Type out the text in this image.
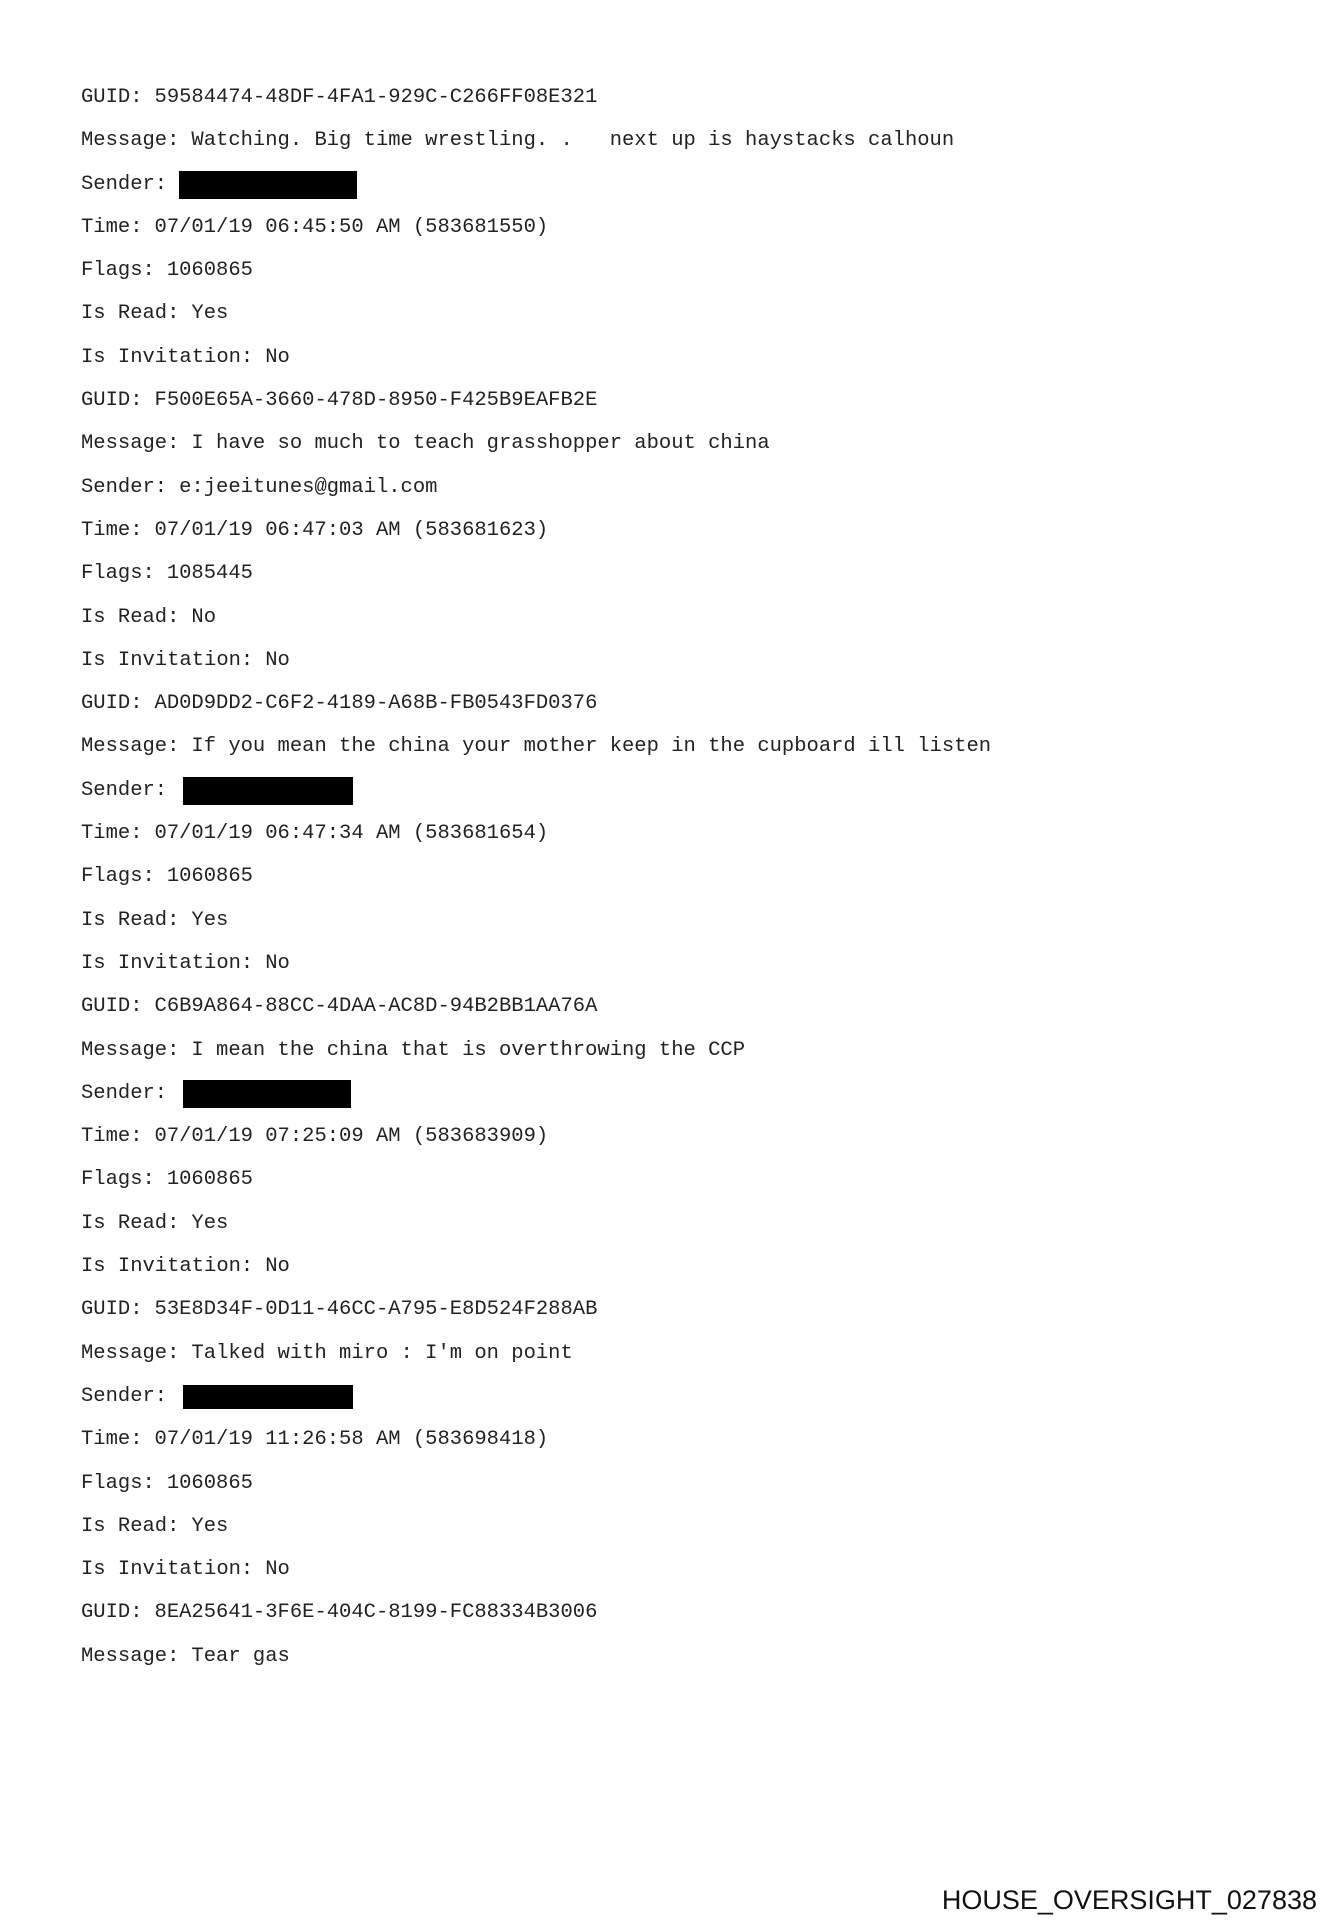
GUID: 59584474-48DF-4FA1-929C-C266FF08E321
Message: Watching. Big time wrestling. .   next up is haystacks calhoun
Sender:
Time: 07/01/19 06:45:50 AM (583681550)
Flags: 1060865
Is Read: Yes
Is Invitation: No
GUID: F500E65A-3660-478D-8950-F425B9EAFB2E
Message: I have so much to teach grasshopper about china
Sender: e:jeeitunes@gmail.com
Time: 07/01/19 06:47:03 AM (583681623)
Flags: 1085445
Is Read: No
Is Invitation: No
GUID: AD0D9DD2-C6F2-4189-A68B-FB0543FD0376
Message: If you mean the china your mother keep in the cupboard ill listen
Sender:
Time: 07/01/19 06:47:34 AM (583681654)
Flags: 1060865
Is Read: Yes
Is Invitation: No
GUID: C6B9A864-88CC-4DAA-AC8D-94B2BB1AA76A
Message: I mean the china that is overthrowing the CCP
Sender:
Time: 07/01/19 07:25:09 AM (583683909)
Flags: 1060865
Is Read: Yes
Is Invitation: No
GUID: 53E8D34F-0D11-46CC-A795-E8D524F288AB
Message: Talked with miro : I'm on point
Sender:
Time: 07/01/19 11:26:58 AM (583698418)
Flags: 1060865
Is Read: Yes
Is Invitation: No
GUID: 8EA25641-3F6E-404C-8199-FC88334B3006
Message: Tear gas
HOUSE_OVERSIGHT_027838
